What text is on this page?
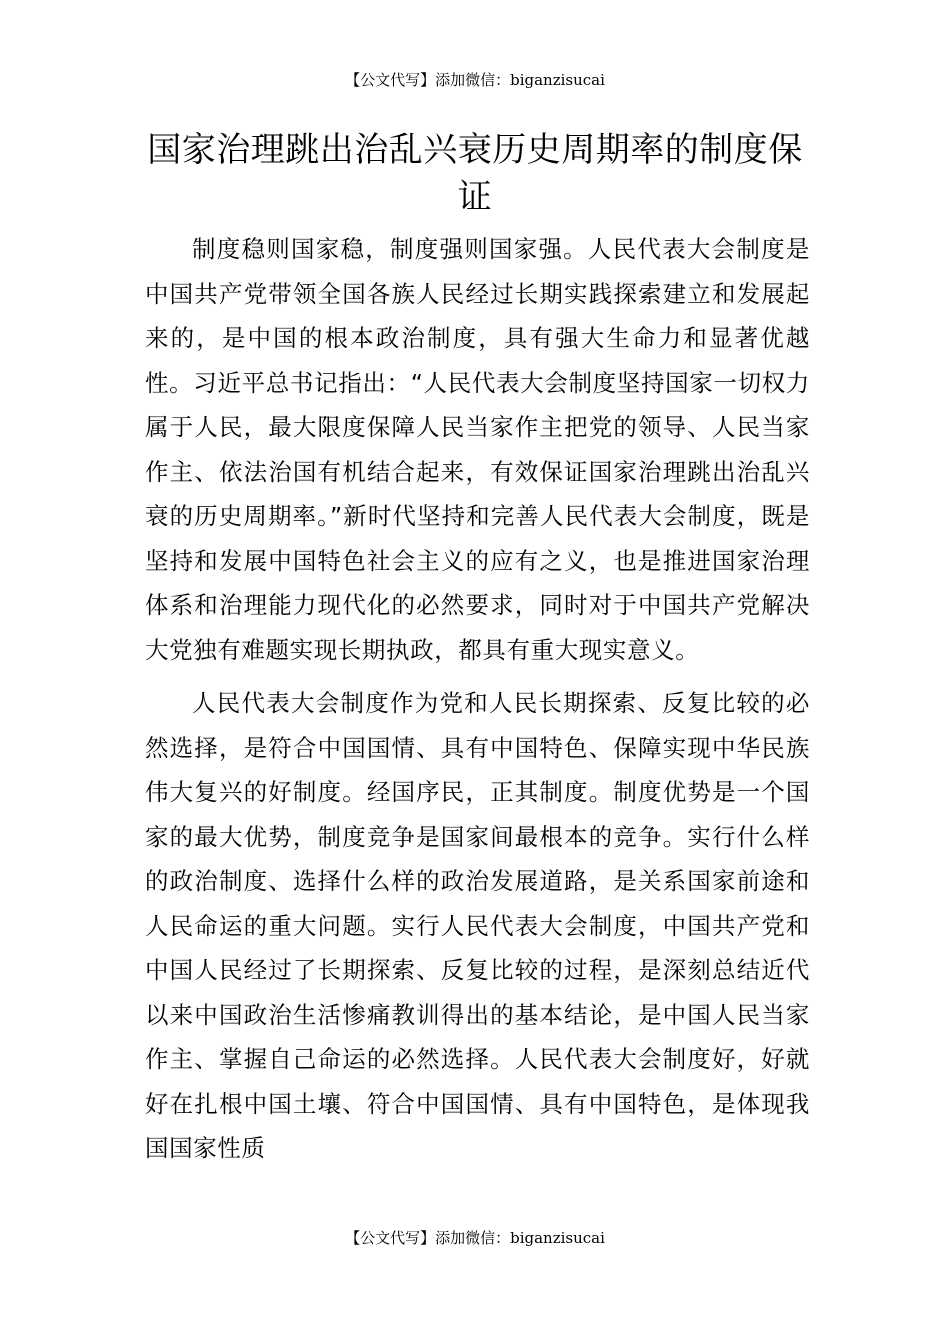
【公文代写】添加微信：biganzisucai
国家治理跳出治乱兴衰历史周期率的制度保证

制度稳则国家稳，制度强则国家强。人民代表大会制度是中国共产党带领全国各族人民经过长期实践探索建立和发展起来的，是中国的根本政治制度，具有强大生命力和显著优越性。习近平总书记指出：“人民代表大会制度坚持国家一切权力属于人民，最大限度保障人民当家作主把党的领导、人民当家作主、依法治国有机结合起来，有效保证国家治理跳出治乱兴衰的历史周期率。”新时代坚持和完善人民代表大会制度，既是坚持和发展中国特色社会主义的应有之义，也是推进国家治理体系和治理能力现代化的必然要求，同时对于中国共产党解决大党独有难题实现长期执政，都具有重大现实意义。

人民代表大会制度作为党和人民长期探索、反复比较的必然选择，是符合中国国情、具有中国特色、保障实现中华民族伟大复兴的好制度。经国序民，正其制度。制度优势是一个国家的最大优势，制度竞争是国家间最根本的竞争。实行什么样的政治制度、选择什么样的政治发展道路，是关系国家前途和人民命运的重大问题。实行人民代表大会制度，中国共产党和中国人民经过了长期探索、反复比较的过程，是深刻总结近代以来中国政治生活惨痛教训得出的基本结论，是中国人民当家作主、掌握自己命运的必然选择。人民代表大会制度好，好就好在扎根中国土壤、符合中国国情、具有中国特色，是体现我国国家性质

【公文代写】添加微信：biganzisucai
